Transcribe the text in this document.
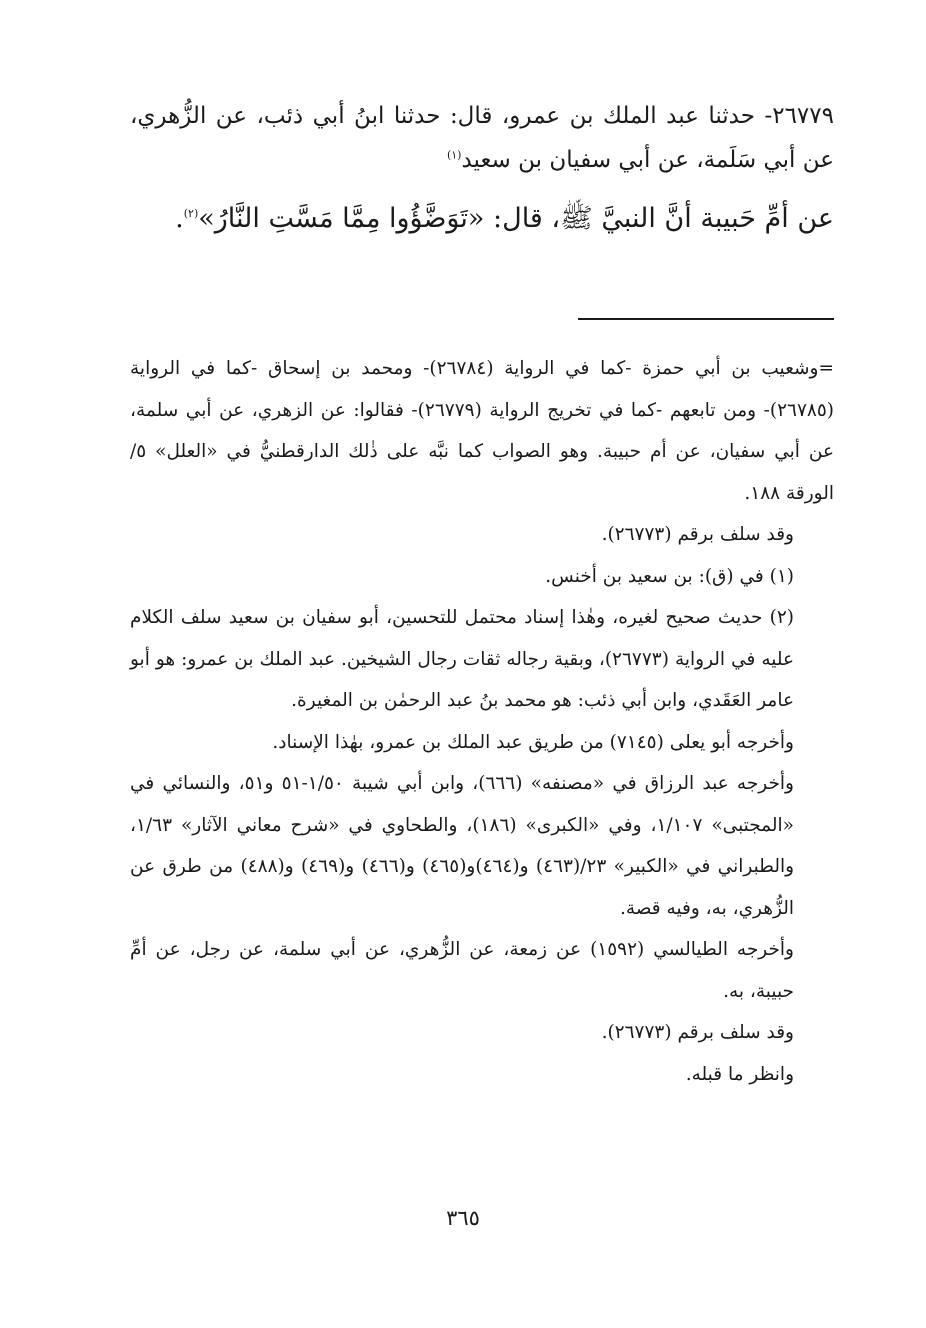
٢٦٧٧٩- حدثنا عبد الملك بن عمرو، قال: حدثنا ابنُ أبي ذئب، عن الزُّهري، عن أبي سَلَمة، عن أبي سفيان بن سعيد$^{(١)}$
عن أمِّ حَبيبة أنَّ النبيَّ ﷺ، قال: «تَوَضَّؤُوا مِمَّا مَسَّتِ النَّارُ»$^{(٢)}$.

=وشعيب بن أبي حمزة -كما في الرواية (٢٦٧٨٤)- ومحمد بن إسحاق -كما في الرواية (٢٦٧٨٥)- ومن تابعهم -كما في تخريج الرواية (٢٦٧٧٩)- فقالوا: عن الزهري، عن أبي سلمة، عن أبي سفيان، عن أم حبيبة. وهو الصواب كما نبَّه على ذٰلك الدارقطنيُّ في «العلل» ٥/الورقة ١٨٨.

وقد سلف برقم (٢٦٧٧٣).

(١) في (ق): بن سعيد بن أخنس.

(٢) حديث صحيح لغيره، وهٰذا إسناد محتمل للتحسين، أبو سفيان بن سعيد سلف الكلام عليه في الرواية (٢٦٧٧٣)، وبقية رجاله ثقات رجال الشيخين. عبد الملك بن عمرو: هو أبو عامر العَقَدي، وابن أبي ذئب: هو محمد بنُ عبد الرحمٰن بن المغيرة.

وأخرجه أبو يعلى (٧١٤٥) من طريق عبد الملك بن عمرو، بهٰذا الإسناد.

وأخرجه عبد الرزاق في «مصنفه» (٦٦٦)، وابن أبي شيبة ١/٥٠-٥١ و٥١، والنسائي في «المجتبى» ١/١٠٧، وفي «الكبرى» (١٨٦)، والطحاوي في «شرح معاني الآثار» ١/٦٣، والطبراني في «الكبير» ٢٣/(٤٦٣) و(٤٦٤)و(٤٦٥) و(٤٦٦) و(٤٦٩) و(٤٨٨) من طرق عن الزُّهري، به، وفيه قصة.

وأخرجه الطيالسي (١٥٩٢) عن زمعة، عن الزُّهري، عن أبي سلمة، عن رجل، عن أمِّ حبيبة، به.

وقد سلف برقم (٢٦٧٧٣).

وانظر ما قبله.

٣٦٥
